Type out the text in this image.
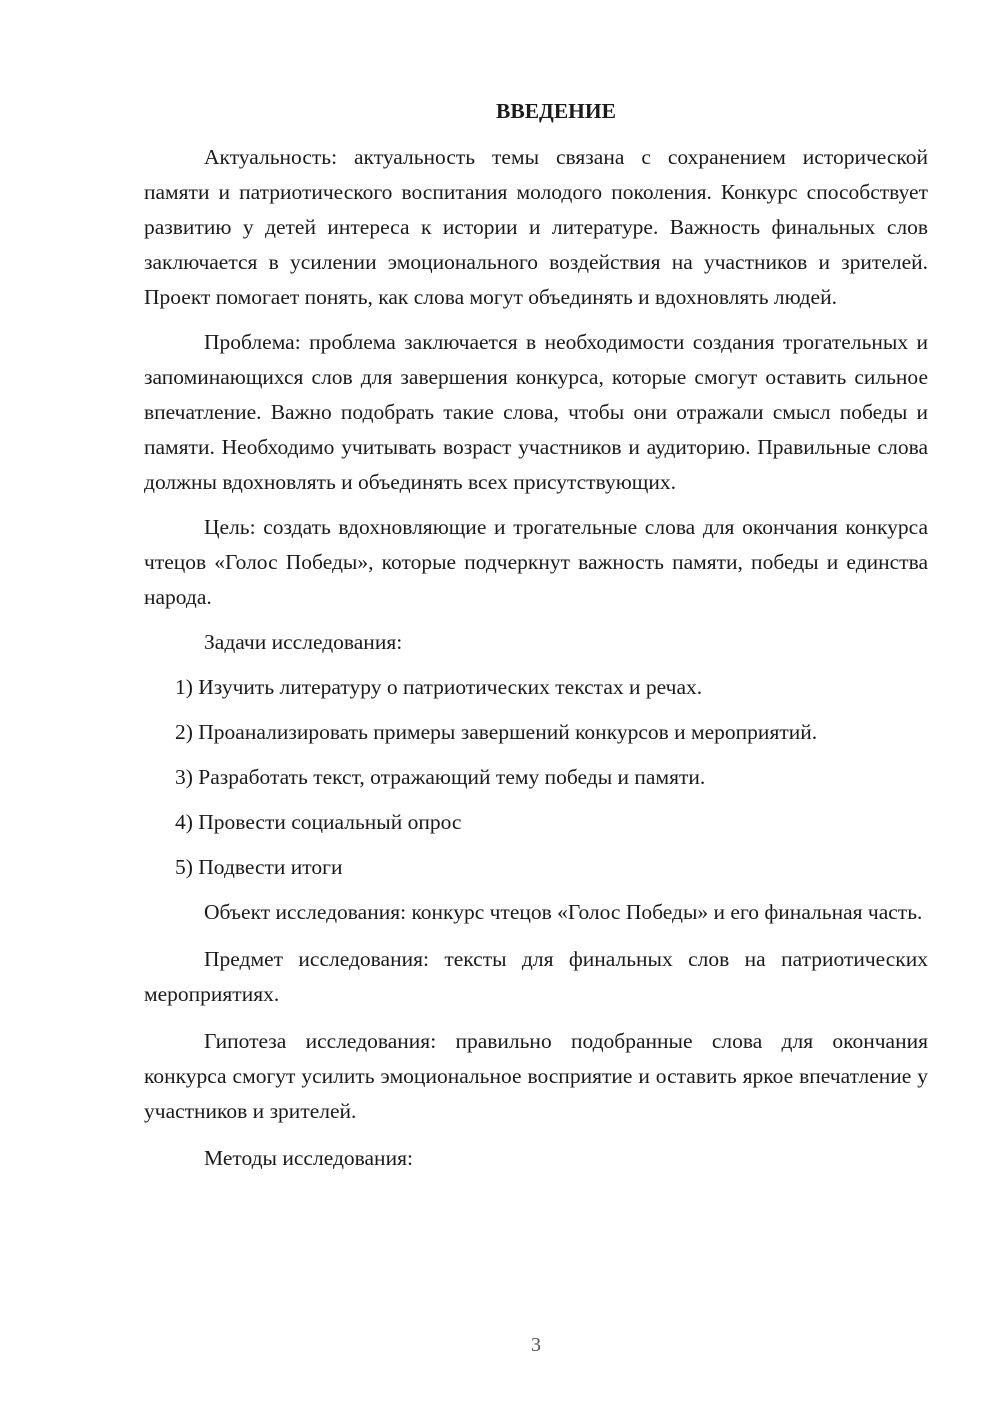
ВВЕДЕНИЕ

Актуальность: актуальность темы связана с сохранением исторической памяти и патриотического воспитания молодого поколения. Конкурс способствует развитию у детей интереса к истории и литературе. Важность финальных слов заключается в усилении эмоционального воздействия на участников и зрителей. Проект помогает понять, как слова могут объединять и вдохновлять людей.

Проблема: проблема заключается в необходимости создания трогательных и запоминающихся слов для завершения конкурса, которые смогут оставить сильное впечатление. Важно подобрать такие слова, чтобы они отражали смысл победы и памяти. Необходимо учитывать возраст участников и аудиторию. Правильные слова должны вдохновлять и объединять всех присутствующих.

Цель: создать вдохновляющие и трогательные слова для окончания конкурса чтецов «Голос Победы», которые подчеркнут важность памяти, победы и единства народа.

Задачи исследования:

1) Изучить литературу о патриотических текстах и речах.
2) Проанализировать примеры завершений конкурсов и мероприятий.
3) Разработать текст, отражающий тему победы и памяти.
4) Провести социальный опрос
5) Подвести итоги

Объект исследования: конкурс чтецов «Голос Победы» и его финальная часть.

Предмет исследования: тексты для финальных слов на патриотических мероприятиях.

Гипотеза исследования: правильно подобранные слова для окончания конкурса смогут усилить эмоциональное восприятие и оставить яркое впечатление у участников и зрителей.

Методы исследования:

3
